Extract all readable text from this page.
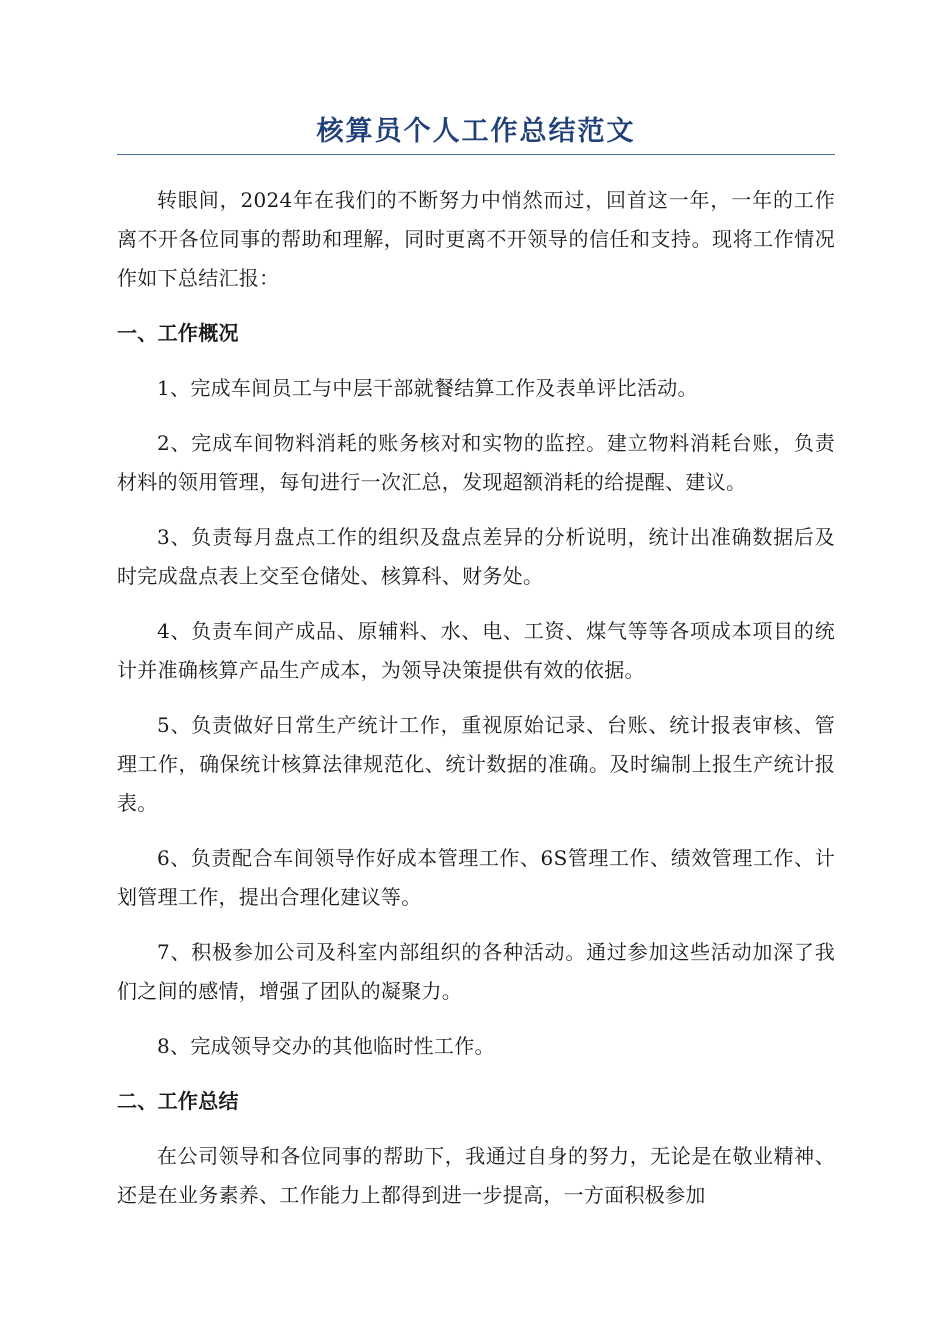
核算员个人工作总结范文

转眼间，2024年在我们的不断努力中悄然而过，回首这一年，一年的工作离不开各位同事的帮助和理解，同时更离不开领导的信任和支持。现将工作情况作如下总结汇报：

一、工作概况

1、完成车间员工与中层干部就餐结算工作及表单评比活动。

2、完成车间物料消耗的账务核对和实物的监控。建立物料消耗台账，负责材料的领用管理，每旬进行一次汇总，发现超额消耗的给提醒、建议。

3、负责每月盘点工作的组织及盘点差异的分析说明，统计出准确数据后及时完成盘点表上交至仓储处、核算科、财务处。

4、负责车间产成品、原辅料、水、电、工资、煤气等等各项成本项目的统计并准确核算产品生产成本，为领导决策提供有效的依据。

5、负责做好日常生产统计工作，重视原始记录、台账、统计报表审核、管理工作，确保统计核算法律规范化、统计数据的准确。及时编制上报生产统计报表。

6、负责配合车间领导作好成本管理工作、6S管理工作、绩效管理工作、计划管理工作，提出合理化建议等。

7、积极参加公司及科室内部组织的各种活动。通过参加这些活动加深了我们之间的感情，增强了团队的凝聚力。

8、完成领导交办的其他临时性工作。

二、工作总结

在公司领导和各位同事的帮助下，我通过自身的努力，无论是在敬业精神、还是在业务素养、工作能力上都得到进一步提高，一方面积极参加
